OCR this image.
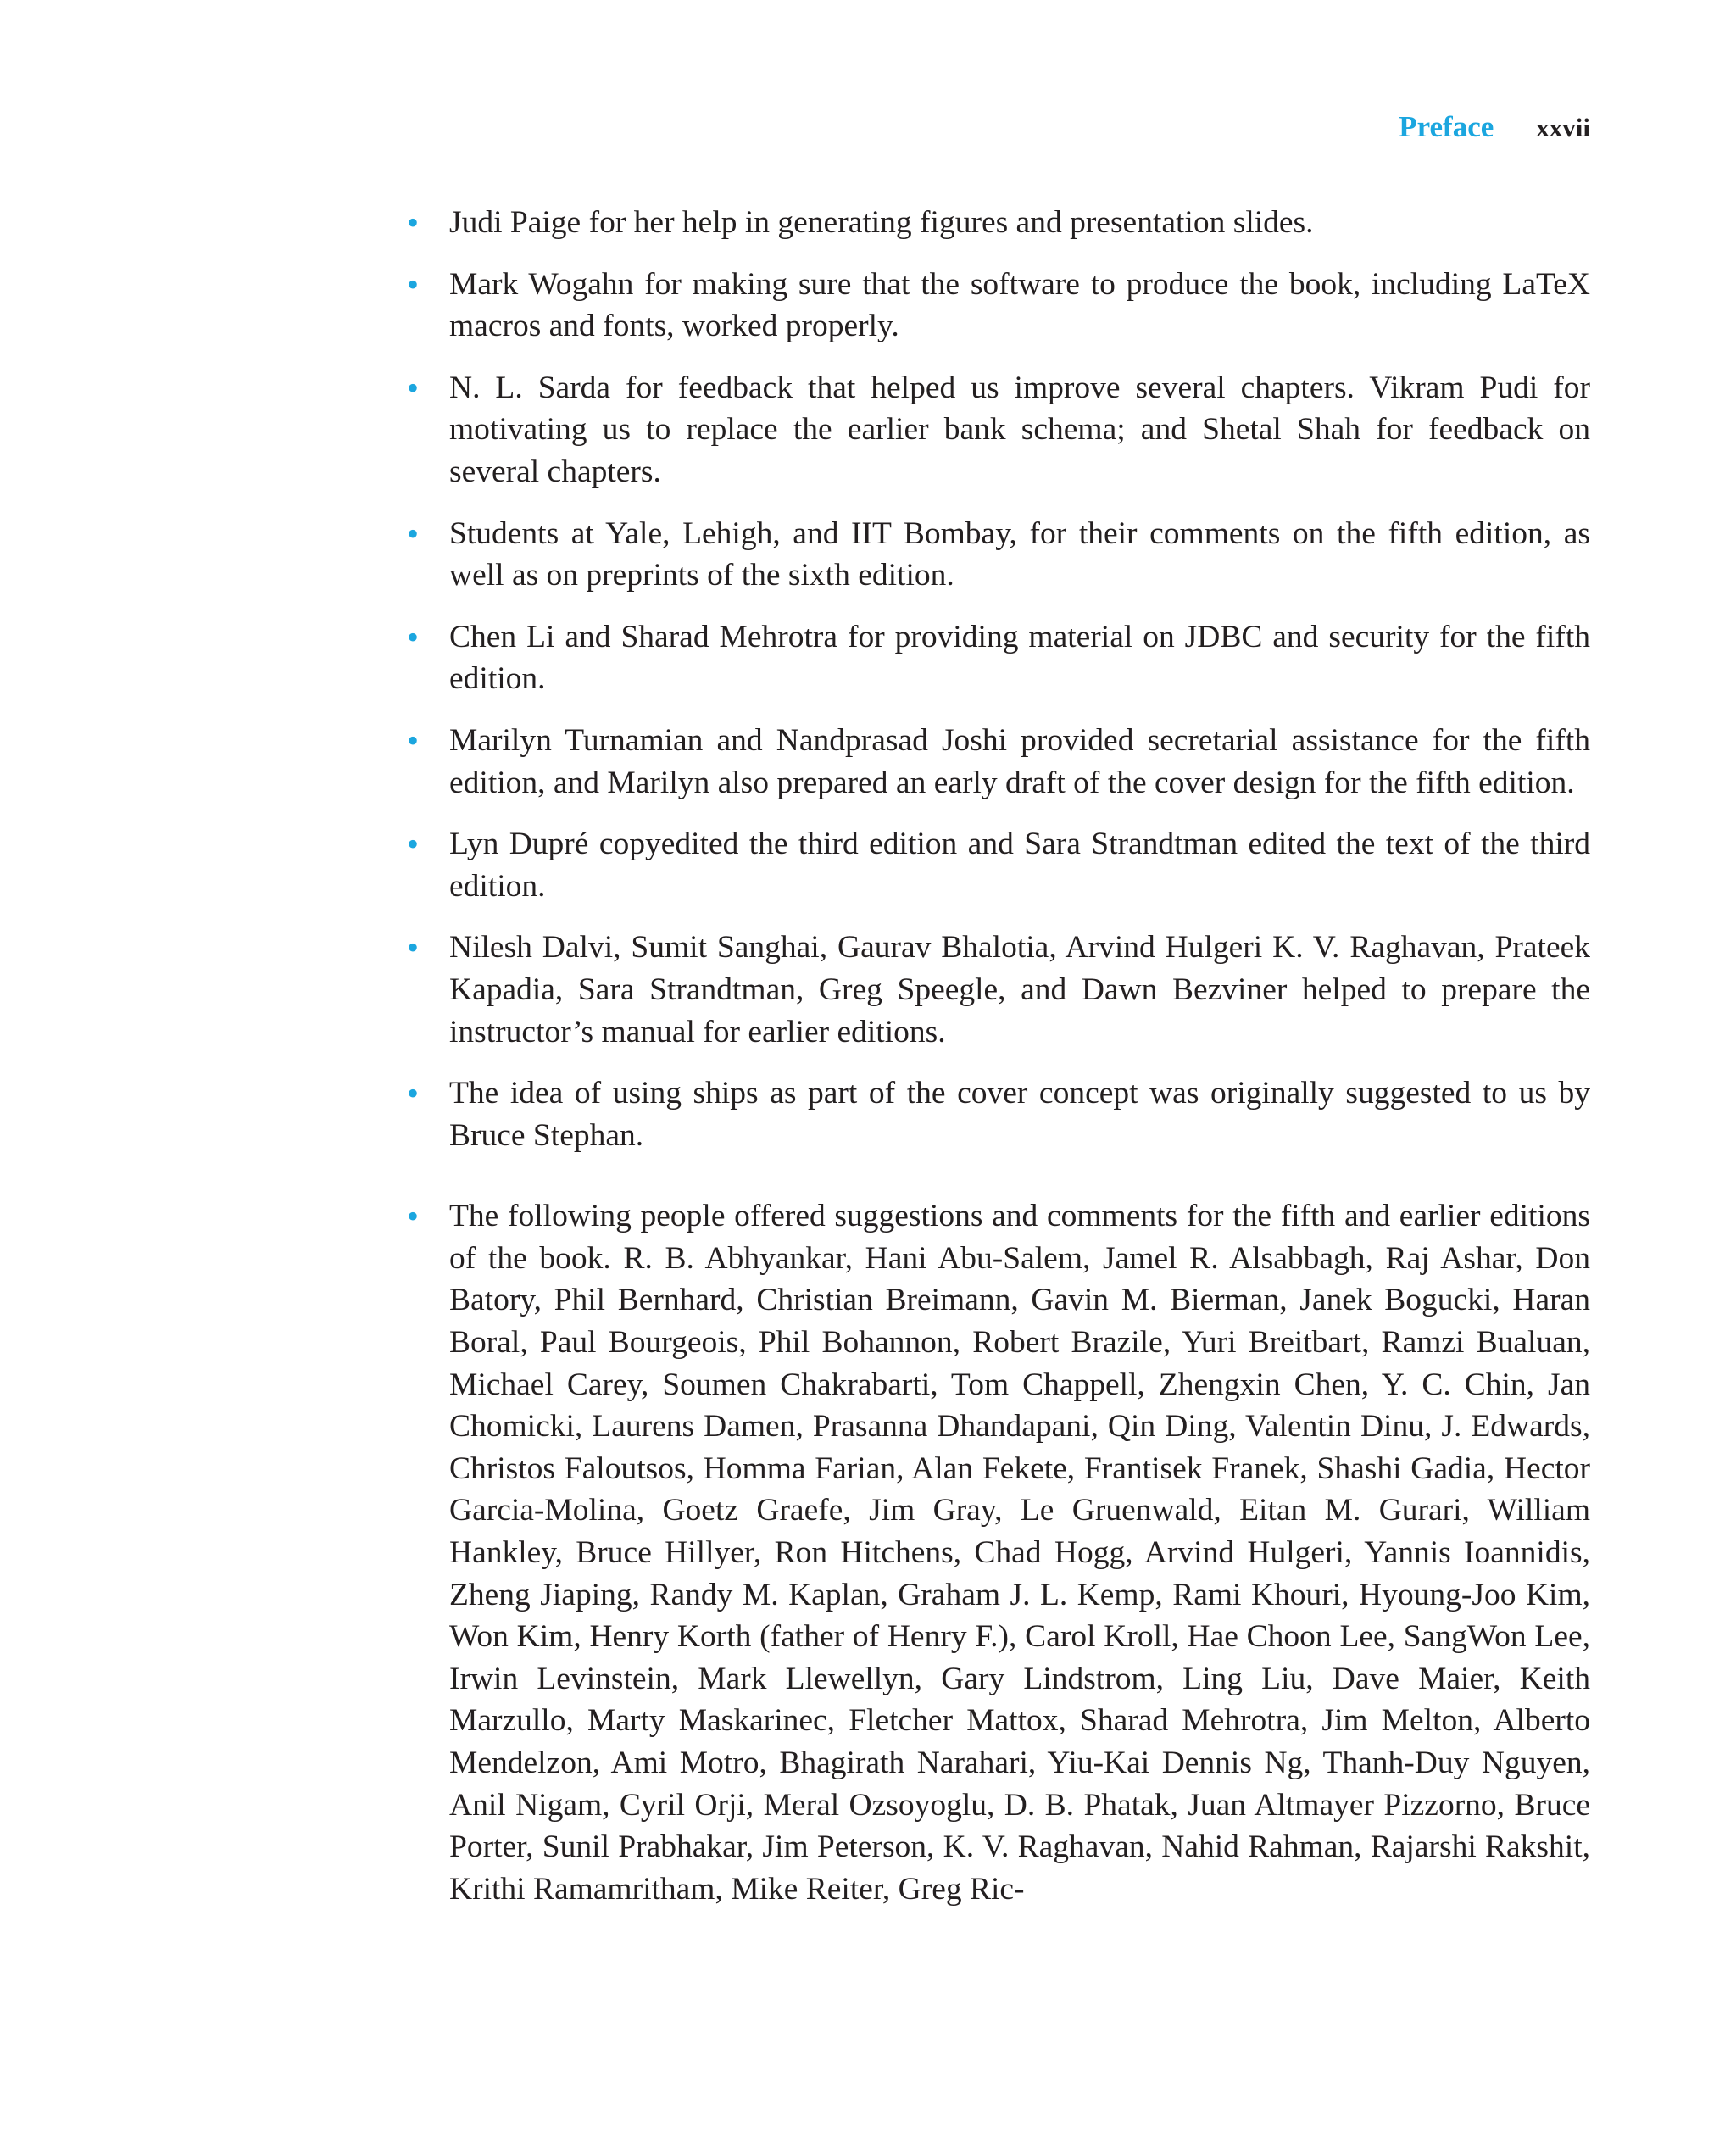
Preface xxvii
• Judi Paige for her help in generating figures and presentation slides.
• Mark Wogahn for making sure that the software to produce the book, including LaTeX macros and fonts, worked properly.
• N. L. Sarda for feedback that helped us improve several chapters. Vikram Pudi for motivating us to replace the earlier bank schema; and Shetal Shah for feedback on several chapters.
• Students at Yale, Lehigh, and IIT Bombay, for their comments on the fifth edition, as well as on preprints of the sixth edition.
• Chen Li and Sharad Mehrotra for providing material on JDBC and security for the fifth edition.
• Marilyn Turnamian and Nandprasad Joshi provided secretarial assistance for the fifth edition, and Marilyn also prepared an early draft of the cover design for the fifth edition.
• Lyn Dupré copyedited the third edition and Sara Strandtman edited the text of the third edition.
• Nilesh Dalvi, Sumit Sanghai, Gaurav Bhalotia, Arvind Hulgeri K. V. Raghavan, Prateek Kapadia, Sara Strandtman, Greg Speegle, and Dawn Bezviner helped to prepare the instructor’s manual for earlier editions.
• The idea of using ships as part of the cover concept was originally suggested to us by Bruce Stephan.
• The following people offered suggestions and comments for the fifth and earlier editions of the book. R. B. Abhyankar, Hani Abu-Salem, Jamel R. Alsabbagh, Raj Ashar, Don Batory, Phil Bernhard, Christian Breimann, Gavin M. Bierman, Janek Bogucki, Haran Boral, Paul Bourgeois, Phil Bohannon, Robert Brazile, Yuri Breitbart, Ramzi Bualuan, Michael Carey, Soumen Chakrabarti, Tom Chappell, Zhengxin Chen, Y. C. Chin, Jan Chomicki, Laurens Damen, Prasanna Dhandapani, Qin Ding, Valentin Dinu, J. Edwards, Christos Faloutsos, Homma Farian, Alan Fekete, Frantisek Franek, Shashi Gadia, Hector Garcia-Molina, Goetz Graefe, Jim Gray, Le Gruenwald, Eitan M. Gurari, William Hankley, Bruce Hillyer, Ron Hitchens, Chad Hogg, Arvind Hulgeri, Yannis Ioannidis, Zheng Jiaping, Randy M. Kaplan, Graham J. L. Kemp, Rami Khouri, Hyoung-Joo Kim, Won Kim, Henry Korth (father of Henry F.), Carol Kroll, Hae Choon Lee, SangWon Lee, Irwin Levinstein, Mark Llewellyn, Gary Lindstrom, Ling Liu, Dave Maier, Keith Marzullo, Marty Maskarinec, Fletcher Mattox, Sharad Mehrotra, Jim Melton, Alberto Mendelzon, Ami Motro, Bhagirath Narahari, Yiu-Kai Dennis Ng, Thanh-Duy Nguyen, Anil Nigam, Cyril Orji, Meral Ozsoyoglu, D. B. Phatak, Juan Altmayer Pizzorno, Bruce Porter, Sunil Prabhakar, Jim Peterson, K. V. Raghavan, Nahid Rahman, Rajarshi Rakshit, Krithi Ramamritham, Mike Reiter, Greg Ric-
